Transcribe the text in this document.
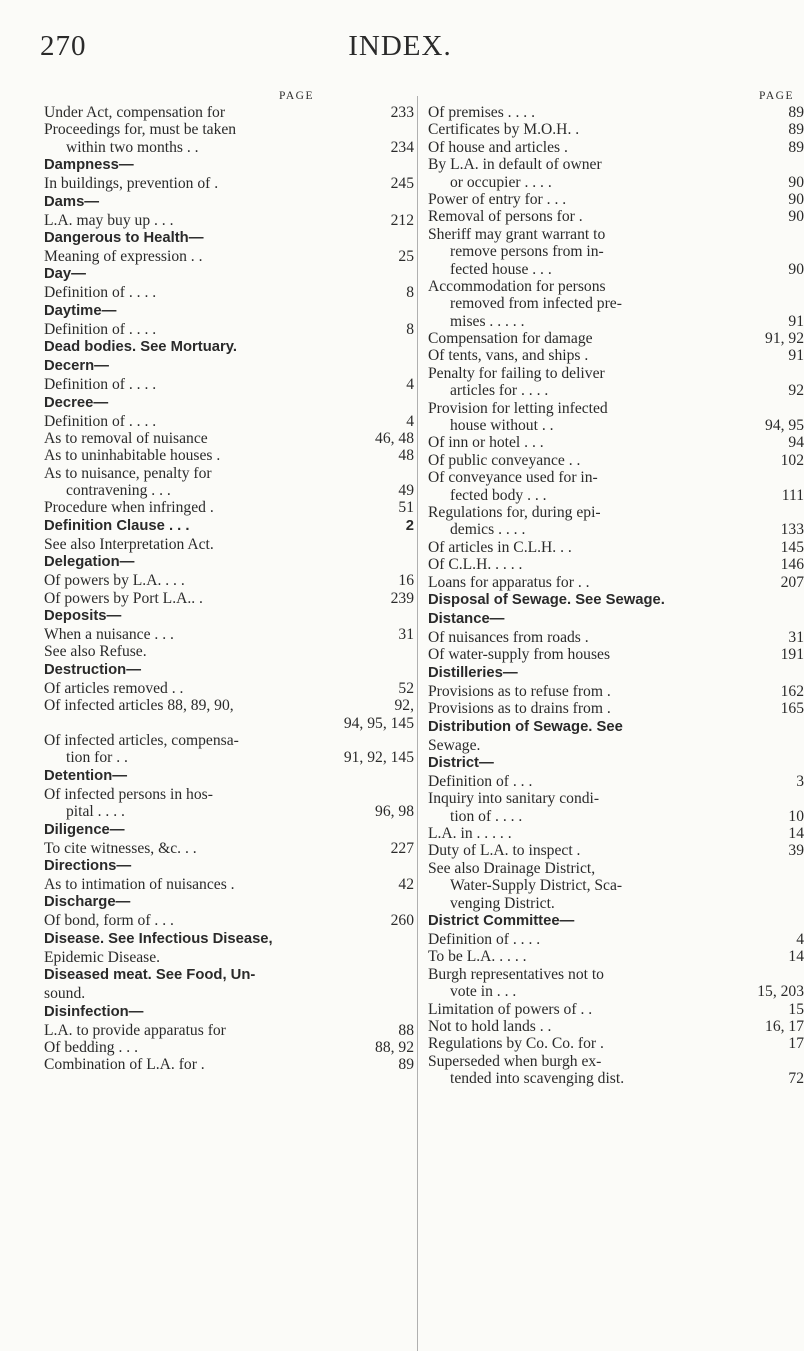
270	INDEX.
PAGE
Under Act, compensation for	233
Proceedings for, must be taken
within two months . .	234
Dampness—
In buildings, prevention of .	245
Dams—
L.A. may buy up . . .	212
Dangerous to Health—
Meaning of expression . .	25
Day—
Definition of . . . .	8
Daytime—
Definition of . . . .	8
Dead bodies. See Mortuary.
Decern—
Definition of . . . .	4
Decree—
Definition of . . . .	4
As to removal of nuisance	46, 48
As to uninhabitable houses .	48
As to nuisance, penalty for
contravening . . .	49
Procedure when infringed .	51
Definition Clause . . .	2
See also Interpretation Act.
Delegation—
Of powers by L.A. . . .	16
Of powers by Port L.A.. .	239
Deposits—
When a nuisance . . .	31
See also Refuse.
Destruction—
Of articles removed . .	52
Of infected articles 88, 89, 90,	92,
94, 95, 145
Of infected articles, compensa-
tion for . .	91, 92, 145
Detention—
Of infected persons in hos-
pital . . . .	96, 98
Diligence—
To cite witnesses, &c. . .	227
Directions—
As to intimation of nuisances .	42
Discharge—
Of bond, form of . . .	260
Disease. See Infectious Disease,
Epidemic Disease.
Diseased meat. See Food, Un-
sound.
Disinfection—
L.A. to provide apparatus for	88
Of bedding . . .	88, 92
Combination of L.A. for .	89
PAGE
Of premises . . . .	89
Certificates by M.O.H. .	89
Of house and articles .	89
By L.A. in default of owner
or occupier . . . .	90
Power of entry for . . .	90
Removal of persons for .	90
Sheriff may grant warrant to
remove persons from in-
fected house . . .	90
Accommodation for persons
removed from infected pre-
mises . . . . .	91
Compensation for damage	91, 92
Of tents, vans, and ships .	91
Penalty for failing to deliver
articles for . . . .	92
Provision for letting infected
house without . .	94, 95
Of inn or hotel . . .	94
Of public conveyance . .	102
Of conveyance used for in-
fected body . . .	111
Regulations for, during epi-
demics . . . .	133
Of articles in C.L.H. . .	145
Of C.L.H. . . . .	146
Loans for apparatus for . .	207
Disposal of Sewage. See Sewage.
Distance—
Of nuisances from roads .	31
Of water-supply from houses	191
Distilleries—
Provisions as to refuse from .	162
Provisions as to drains from .	165
Distribution of Sewage. See
Sewage.
District—
Definition of . . .	3
Inquiry into sanitary condi-
tion of . . . .	10
L.A. in . . . . .	14
Duty of L.A. to inspect .	39
See also Drainage District,
Water-Supply District, Sca-
venging District.
District Committee—
Definition of . . . .	4
To be L.A. . . . .	14
Burgh representatives not to
vote in . . .	15, 203
Limitation of powers of . .	15
Not to hold lands . .	16, 17
Regulations by Co. Co. for .	17
Superseded when burgh ex-
tended into scavenging dist.	72
